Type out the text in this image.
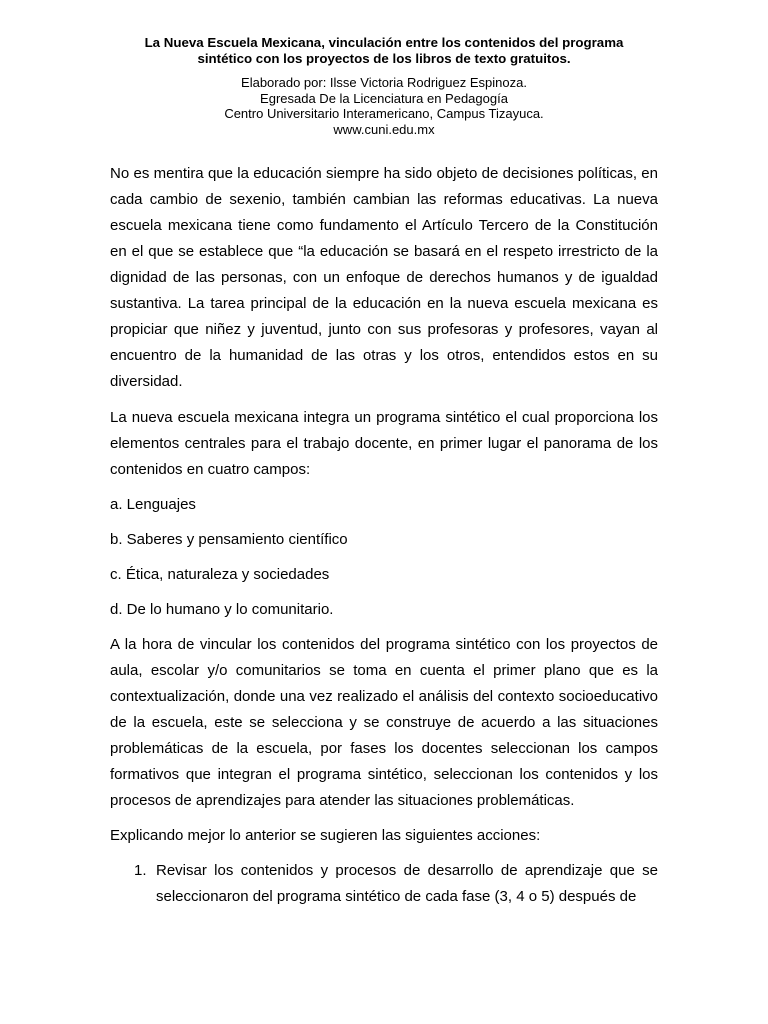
La Nueva Escuela Mexicana, vinculación entre los contenidos del programa
sintético con los proyectos de los libros de texto gratuitos.
Elaborado por: Ilsse Victoria Rodriguez Espinoza.
Egresada De la Licenciatura en Pedagogía
Centro Universitario Interamericano, Campus Tizayuca.
www.cuni.edu.mx

No es mentira que la educación siempre ha sido objeto de decisiones políticas, en cada cambio de sexenio, también cambian las reformas educativas. La nueva escuela mexicana tiene como fundamento el Artículo Tercero de la Constitución en el que se establece que “la educación se basará en el respeto irrestricto de la dignidad de las personas, con un enfoque de derechos humanos y de igualdad sustantiva. La tarea principal de la educación en la nueva escuela mexicana es propiciar que niñez y juventud, junto con sus profesoras y profesores, vayan al encuentro de la humanidad de las otras y los otros, entendidos estos en su diversidad.

La nueva escuela mexicana integra un programa sintético el cual proporciona los elementos centrales para el trabajo docente, en primer lugar el panorama de los contenidos en cuatro campos:

a. Lenguajes
b. Saberes y pensamiento científico
c. Ética, naturaleza y sociedades
d. De lo humano y lo comunitario.

A la hora de vincular los contenidos del programa sintético con los proyectos de aula, escolar y/o comunitarios se toma en cuenta el primer plano que es la contextualización, donde una vez realizado el análisis del contexto socioeducativo de la escuela, este se selecciona y se construye de acuerdo a las situaciones problemáticas de la escuela, por fases los docentes seleccionan los campos formativos que integran el programa sintético, seleccionan los contenidos y los procesos de aprendizajes para atender las situaciones problemáticas.

Explicando mejor lo anterior se sugieren las siguientes acciones:

1. Revisar los contenidos y procesos de desarrollo de aprendizaje que se seleccionaron del programa sintético de cada fase (3, 4 o 5) después de
